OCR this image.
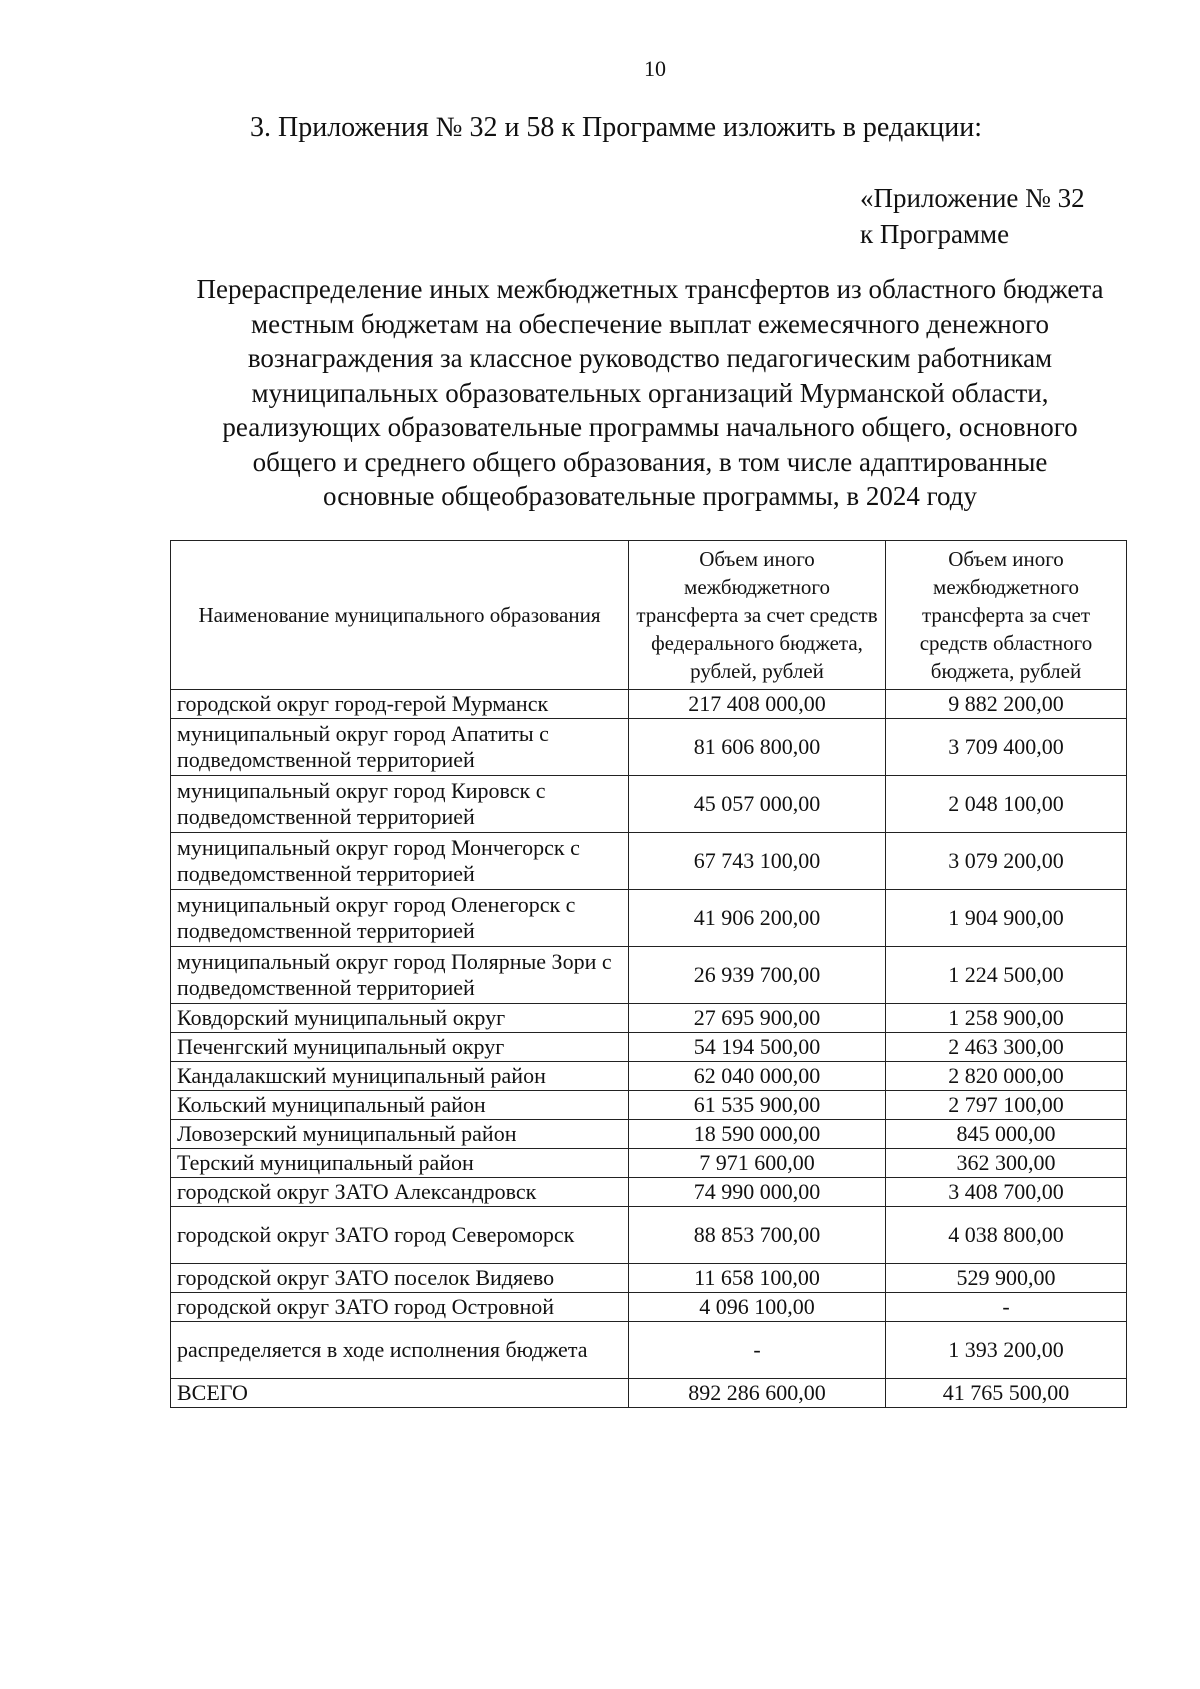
10
3. Приложения № 32 и 58 к Программе изложить в редакции:
«Приложение № 32
к Программе
Перераспределение иных межбюджетных трансфертов из областного бюджета
местным бюджетам на обеспечение выплат ежемесячного денежного
вознаграждения за классное руководство педагогическим работникам
муниципальных образовательных организаций Мурманской области,
реализующих образовательные программы начального общего, основного
общего и среднего общего образования, в том числе адаптированные
основные общеобразовательные программы, в 2024 году
Наименование муниципального образования	Объем иного межбюджетного трансферта за счет средств федерального бюджета, рублей, рублей	Объем иного межбюджетного трансферта за счет средств областного бюджета, рублей
городской округ город-герой Мурманск	217 408 000,00	9 882 200,00
муниципальный округ город Апатиты с подведомственной территорией	81 606 800,00	3 709 400,00
муниципальный округ город Кировск с подведомственной территорией	45 057 000,00	2 048 100,00
муниципальный округ город Мончегорск с подведомственной территорией	67 743 100,00	3 079 200,00
муниципальный округ город Оленегорск с подведомственной территорией	41 906 200,00	1 904 900,00
муниципальный округ город Полярные Зори с подведомственной территорией	26 939 700,00	1 224 500,00
Ковдорский муниципальный округ	27 695 900,00	1 258 900,00
Печенгский муниципальный округ	54 194 500,00	2 463 300,00
Кандалакшский муниципальный район	62 040 000,00	2 820 000,00
Кольский муниципальный район	61 535 900,00	2 797 100,00
Ловозерский муниципальный район	18 590 000,00	845 000,00
Терский муниципальный район	7 971 600,00	362 300,00
городской округ ЗАТО Александровск	74 990 000,00	3 408 700,00
городской округ ЗАТО город Североморск	88 853 700,00	4 038 800,00
городской округ ЗАТО поселок Видяево	11 658 100,00	529 900,00
городской округ ЗАТО город Островной	4 096 100,00	-
распределяется в ходе исполнения бюджета	-	1 393 200,00
ВСЕГО	892 286 600,00	41 765 500,00
